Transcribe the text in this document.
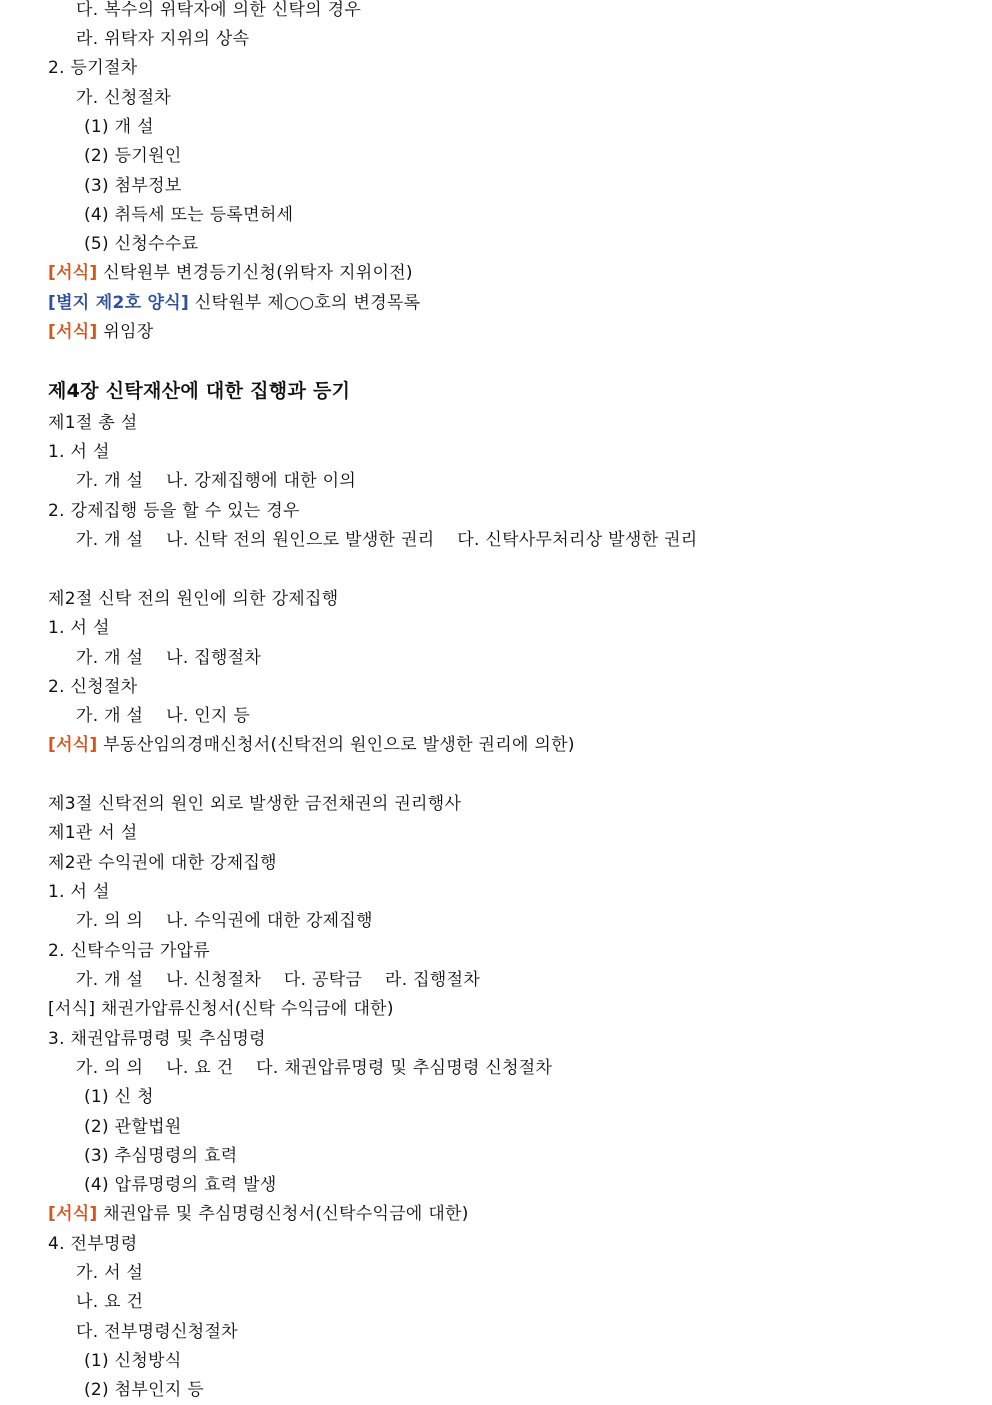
다. 복수의 위탁자에 의한 신탁의 경우
라. 위탁자 지위의 상속
2. 등기절차
가. 신청절차
(1) 개 설
(2) 등기원인
(3) 첨부정보
(4) 취득세 또는 등록면허세
(5) 신청수수료
[서식] 신탁원부 변경등기신청(위탁자 지위이전)
[별지 제2호 양식] 신탁원부 제○○호의 변경목록
[서식] 위임장
제4장 신탁재산에 대한 집행과 등기
제1절 총 설
1. 서 설
가. 개 설    나. 강제집행에 대한 이의
2. 강제집행 등을 할 수 있는 경우
가. 개 설    나. 신탁 전의 원인으로 발생한 권리    다. 신탁사무처리상 발생한 권리
제2절 신탁 전의 원인에 의한 강제집행
1. 서 설
가. 개 설    나. 집행절차
2. 신청절차
가. 개 설    나. 인지 등
[서식] 부동산임의경매신청서(신탁전의 원인으로 발생한 권리에 의한)
제3절 신탁전의 원인 외로 발생한 금전채권의 권리행사
제1관 서 설
제2관 수익권에 대한 강제집행
1. 서 설
가. 의 의    나. 수익권에 대한 강제집행
2. 신탁수익금 가압류
가. 개 설    나. 신청절차    다. 공탁금    라. 집행절차
[서식] 채권가압류신청서(신탁 수익금에 대한)
3. 채권압류명령 및 추심명령
가. 의 의    나. 요 건    다. 채권압류명령 및 추심명령 신청절차
(1) 신 청
(2) 관할법원
(3) 추심명령의 효력
(4) 압류명령의 효력 발생
[서식] 채권압류 및 추심명령신청서(신탁수익금에 대한)
4. 전부명령
가. 서 설
나. 요 건
다. 전부명령신청절차
(1) 신청방식
(2) 첨부인지 등
